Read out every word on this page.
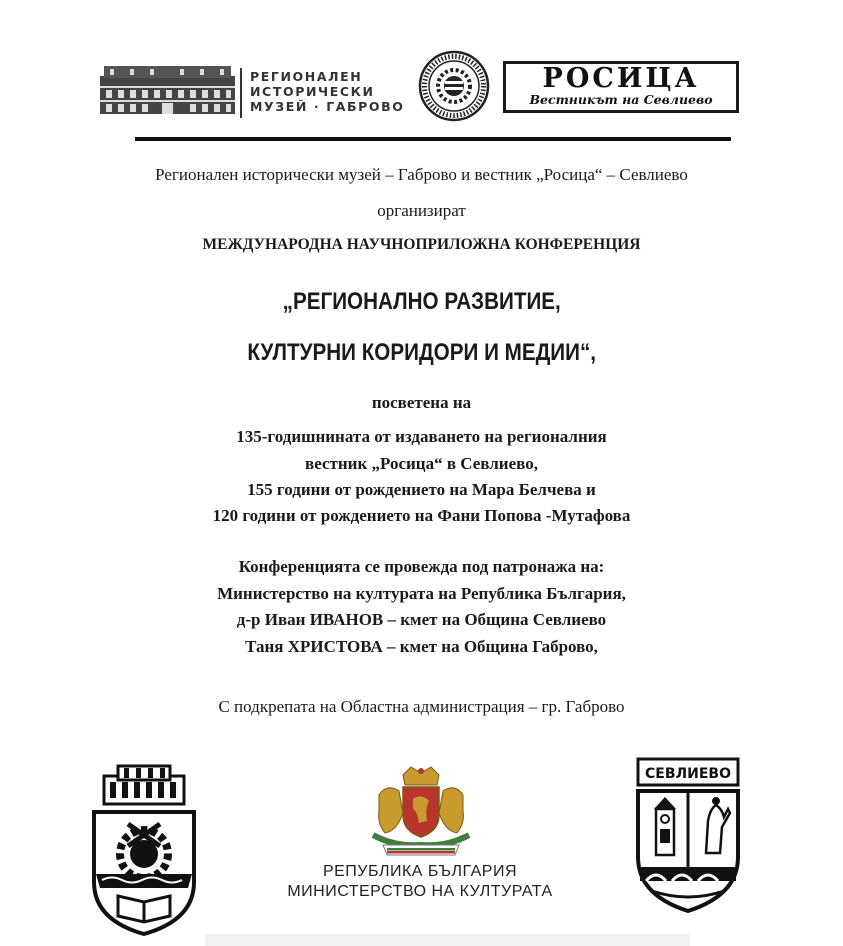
РЕГИОНАЛЕН
ИСТОРИЧЕСКИ
МУЗЕЙ · ГАБРОВО
РОСИЦА
Вестникът на Севлиево
Регионален исторически музей – Габрово и вестник „Росица“ – Севлиево
организират
МЕЖДУНАРОДНА НАУЧНОПРИЛОЖНА КОНФЕРЕНЦИЯ
„РЕГИОНАЛНО РАЗВИТИЕ,
КУЛТУРНИ КОРИДОРИ И МЕДИИ“,
посветена на
135-годишнината от издаването на регионалния
вестник „Росица“ в Севлиево,
155 години от рождението на Мара Белчева и
120 години от рождението на Фани Попова -Мутафова
Конференцията се провежда под патронажа на:
Министерство на културата на Република България,
д-р Иван ИВАНОВ – кмет на Община Севлиево
Таня ХРИСТОВА – кмет на Община Габрово,
С подкрепата на Областна администрация – гр. Габрово
РЕПУБЛИКА БЪЛГАРИЯ
МИНИСТЕРСТВО НА КУЛТУРАТА
СЕВЛИЕВО
